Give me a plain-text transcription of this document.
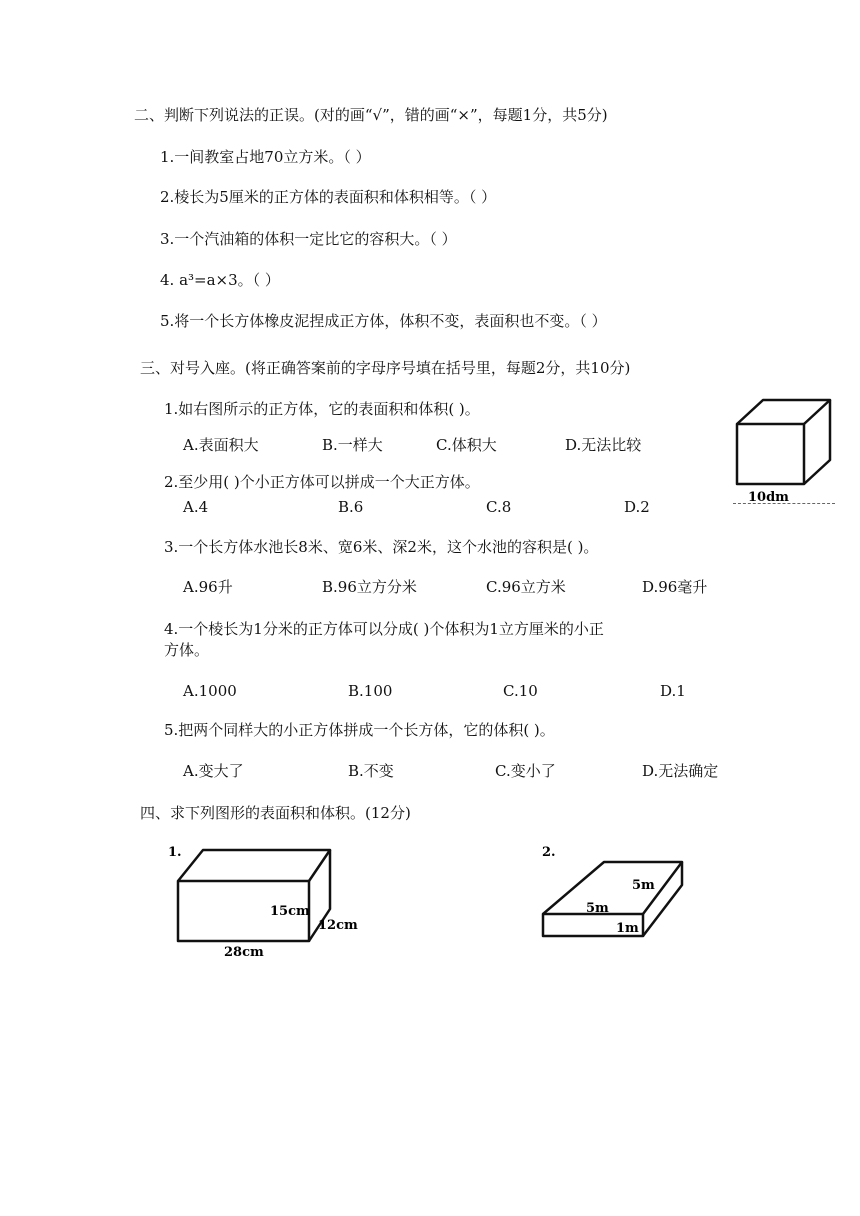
二、判断下列说法的正误。(对的画“√”，错的画“×”，每题1分，共5分)
1.一间教室占地70立方米。（ ）
2.棱长为5厘米的正方体的表面积和体积相等。（ ）
3.一个汽油箱的体积一定比它的容积大。（ ）
4. a³=a×3。（ ）
5.将一个长方体橡皮泥捏成正方体，体积不变，表面积也不变。（ ）
三、对号入座。(将正确答案前的字母序号填在括号里，每题2分，共10分)
1.如右图所示的正方体，它的表面积和体积( )。
A.表面积大	B.一样大	C.体积大	D.无法比较
10dm
2.至少用( )个小正方体可以拼成一个大正方体。
A.4	B.6	C.8	D.2
3.一个长方体水池长8米、宽6米、深2米，这个水池的容积是( )。
A.96升	B.96立方分米	C.96立方米	D.96毫升
4.一个棱长为1分米的正方体可以分成( )个体积为1立方厘米的小正
方体。
A.1000	B.100	C.10	D.1
5.把两个同样大的小正方体拼成一个长方体，它的体积( )。
A.变大了	B.不变	C.变小了	D.无法确定
四、求下列图形的表面积和体积。(12分)
1.
15cm
12cm
28cm
2.
5m
5m
1m
